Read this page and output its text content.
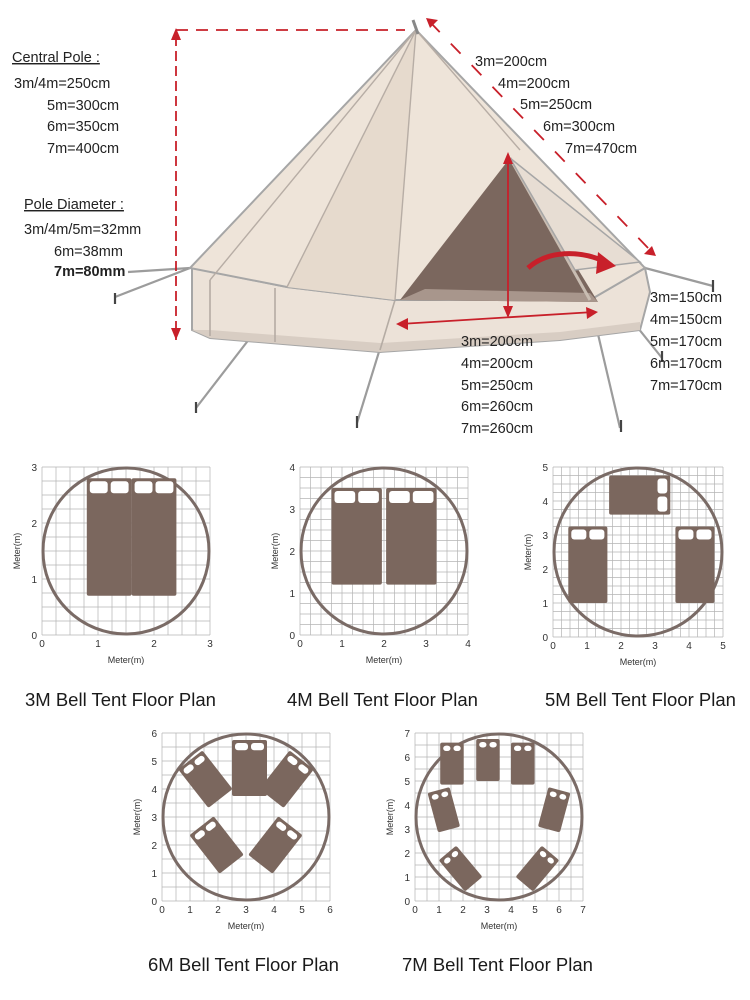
Central Pole :
3m/4m=250cm
5m=300cm
6m=350cm
7m=400cm
Pole Diameter :
3m/4m/5m=32mm
6m=38mm
7m=80mm
3m=200cm
4m=200cm
5m=250cm
6m=300cm
7m=470cm
3m=200cm
4m=200cm
5m=250cm
6m=260cm
7m=260cm
3m=150cm
4m=150cm
5m=170cm
6m=170cm
7m=170cm
0	1	2	3
0
1
2
3
Meter(m)
Meter(m)
3M Bell Tent Floor Plan
0	1	2	3	4
0
1
2
3
4
Meter(m)
Meter(m)
4M Bell Tent Floor Plan
0	1	2	3	4	5
0
1
2
3
4
5
Meter(m)
Meter(m)
5M Bell Tent Floor Plan
0 1 2 3 4 5 6
0
1
2
3
4
5
6
Meter(m)
Meter(m)
6M Bell Tent Floor Plan
0 1 2 3 4 5 6 7
0
1
2
3
4
5
6
7
Meter(m)
Meter(m)
7M Bell Tent Floor Plan
